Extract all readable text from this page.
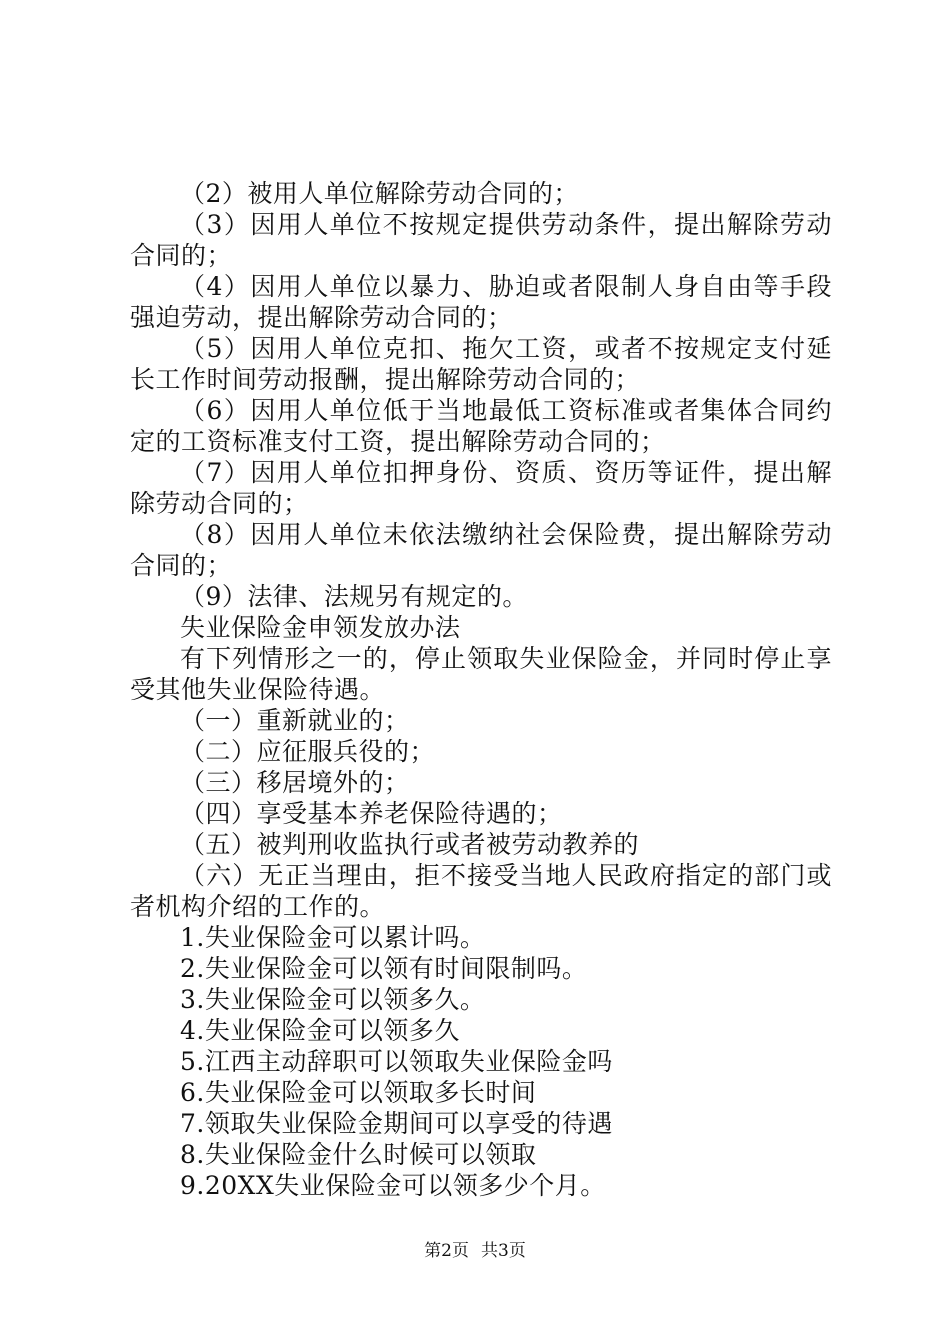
（2）被用人单位解除劳动合同的；

（3）因用人单位不按规定提供劳动条件，提出解除劳动合同的；

（4）因用人单位以暴力、胁迫或者限制人身自由等手段强迫劳动，提出解除劳动合同的；

（5）因用人单位克扣、拖欠工资，或者不按规定支付延长工作时间劳动报酬，提出解除劳动合同的；

（6）因用人单位低于当地最低工资标准或者集体合同约定的工资标准支付工资，提出解除劳动合同的；

（7）因用人单位扣押身份、资质、资历等证件，提出解除劳动合同的；

（8）因用人单位未依法缴纳社会保险费，提出解除劳动合同的；

（9）法律、法规另有规定的。

失业保险金申领发放办法

有下列情形之一的，停止领取失业保险金，并同时停止享受其他失业保险待遇。

（一）重新就业的；

（二）应征服兵役的；

（三）移居境外的；

（四）享受基本养老保险待遇的；

（五）被判刑收监执行或者被劳动教养的

（六）无正当理由，拒不接受当地人民政府指定的部门或者机构介绍的工作的。

1.失业保险金可以累计吗。

2.失业保险金可以领有时间限制吗。

3.失业保险金可以领多久。

4.失业保险金可以领多久

5.江西主动辞职可以领取失业保险金吗

6.失业保险金可以领取多长时间

7.领取失业保险金期间可以享受的待遇

8.失业保险金什么时候可以领取

9.20XX失业保险金可以领多少个月。

第2页 共3页
